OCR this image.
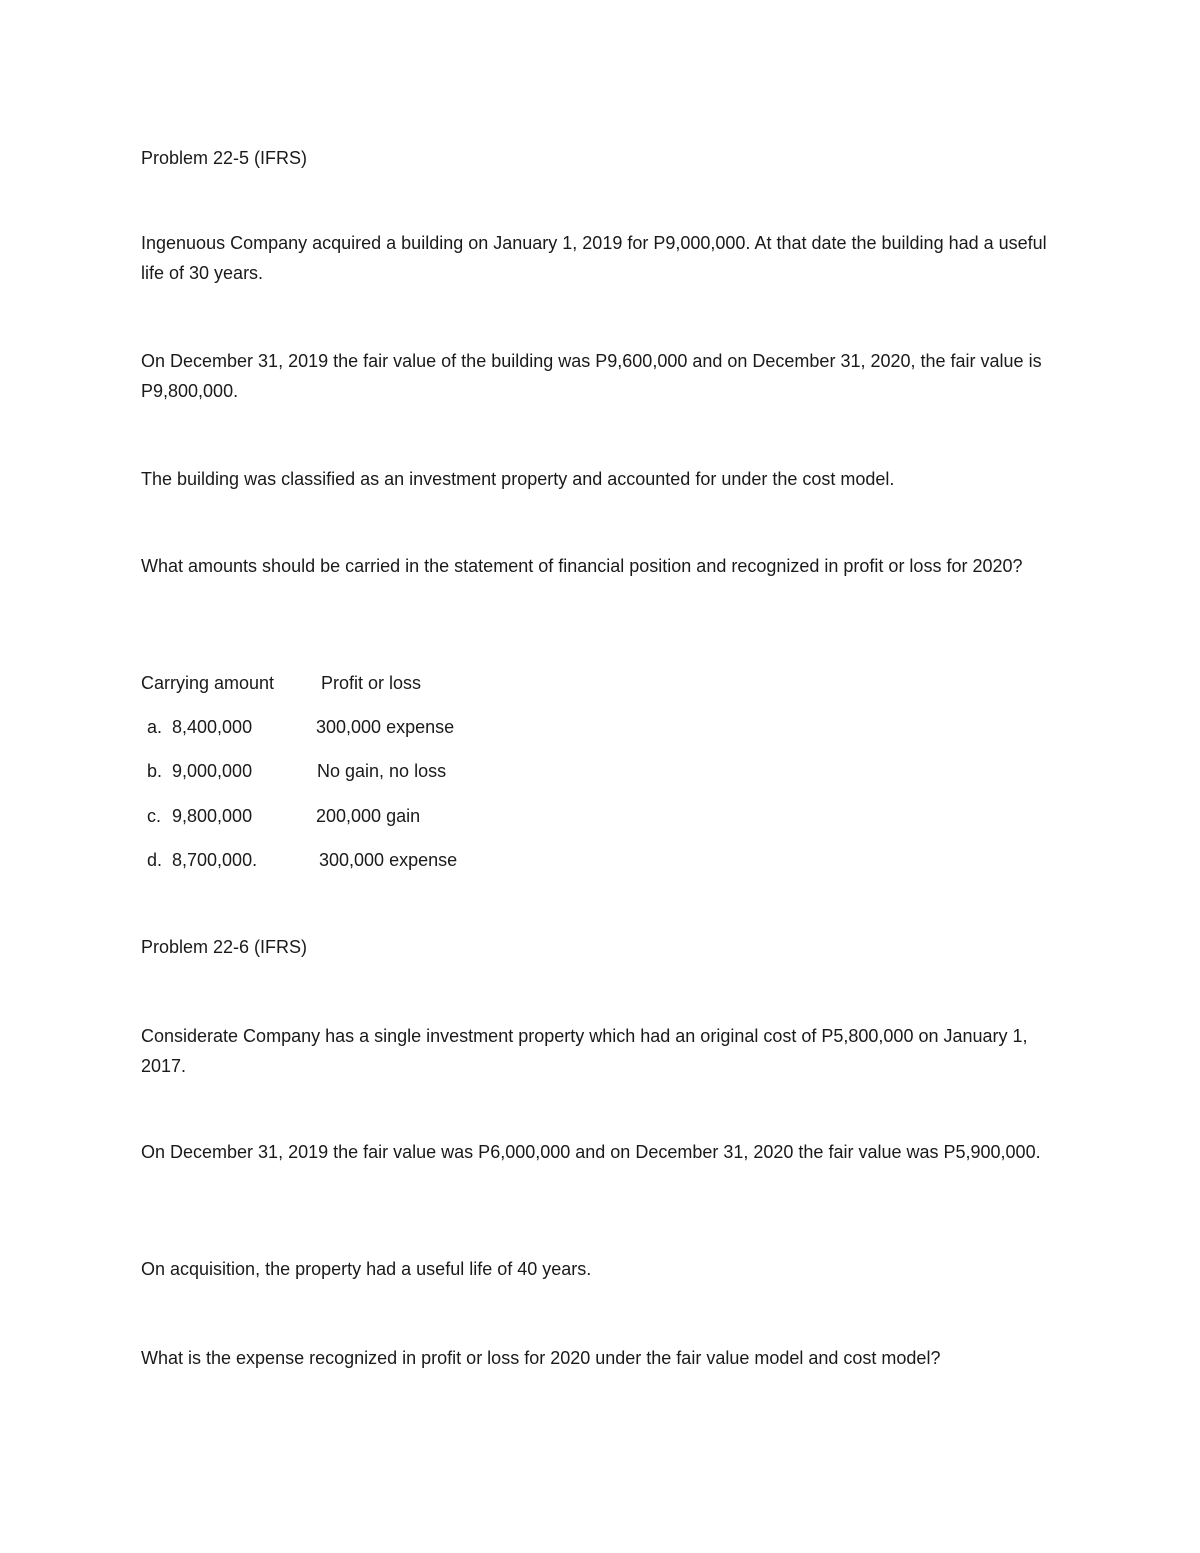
Problem 22-5 (IFRS)
Ingenuous Company acquired a building on January 1, 2019 for P9,000,000. At that date the building had a useful life of 30 years.
On December 31, 2019 the fair value of the building was P9,600,000 and on December 31, 2020, the fair value is P9,800,000.
The building was classified as an investment property and accounted for under the cost model.
What amounts should be carried in the statement of financial position and recognized in profit or loss for 2020?
Carrying amount	Profit or loss
a. 8,400,000	300,000 expense
b. 9,000,000	No gain, no loss
c. 9,800,000	200,000 gain
d. 8,700,000.	300,000 expense
Problem 22-6 (IFRS)
Considerate Company has a single investment property which had an original cost of P5,800,000 on January 1, 2017.
On December 31, 2019 the fair value was P6,000,000 and on December 31, 2020 the fair value was P5,900,000.
On acquisition, the property had a useful life of 40 years.
What is the expense recognized in profit or loss for 2020 under the fair value model and cost model?
